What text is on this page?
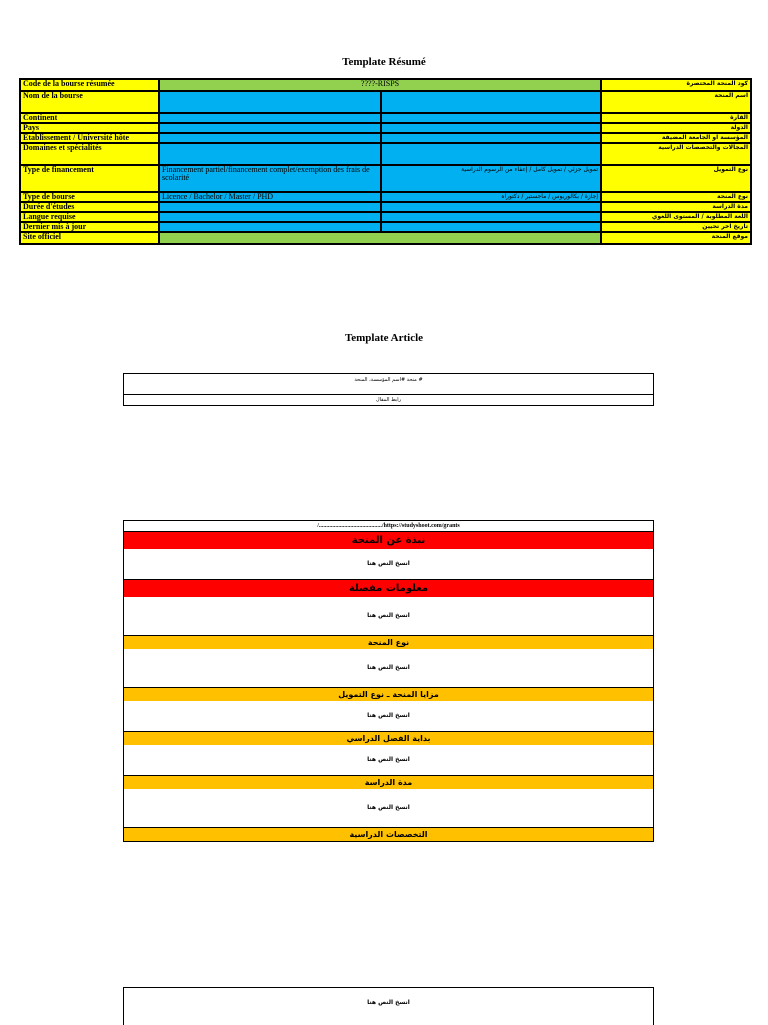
Template Résumé
Code de la bourse résumée	????-RISPS		كود المنحة المختصرة
Nom de la bourse			اسم المنحة
Continent			القارة
Pays			الدولة
Etablissement / Université hôte			المؤسسة او الجامعة المضيفة
Domaines et spécialités			المجالات والتخصصات الدراسية
Type de financement	Financement partiel/financement complet/exemption des frais de scolarité	تمويل جزئي / تمويل كامل / إعفاء من الرسوم الدراسية	نوع التمويل
Type de bourse	Licence / Bachelor / Master / PHD	إجازة / بكالوريوس / ماجستير / دكتوراه	نوع المنحة
Durée d'études			مدة الدراسة
Langue requise			اللغة المطلوبة / المستوى اللغوي
Dernier mis à jour			تاريخ اخر تحيين
Site officiel			موقع المنحة
Template Article
منحة #اسم المؤسسة، المنحة #
رابط المقال
/........................................../https://studyshoot.com/grants
نبذة عن المنحة
انسخ النص هنا
معلومات مفصلة
انسخ النص هنا
نوع المنحة
انسخ النص هنا
مزايا المنحة ـ نوع التمويل
انسخ النص هنا
بداية الفصل الدراسي
انسخ النص هنا
مدة الدراسة
انسخ النص هنا
التخصصات الدراسية
انسخ النص هنا
